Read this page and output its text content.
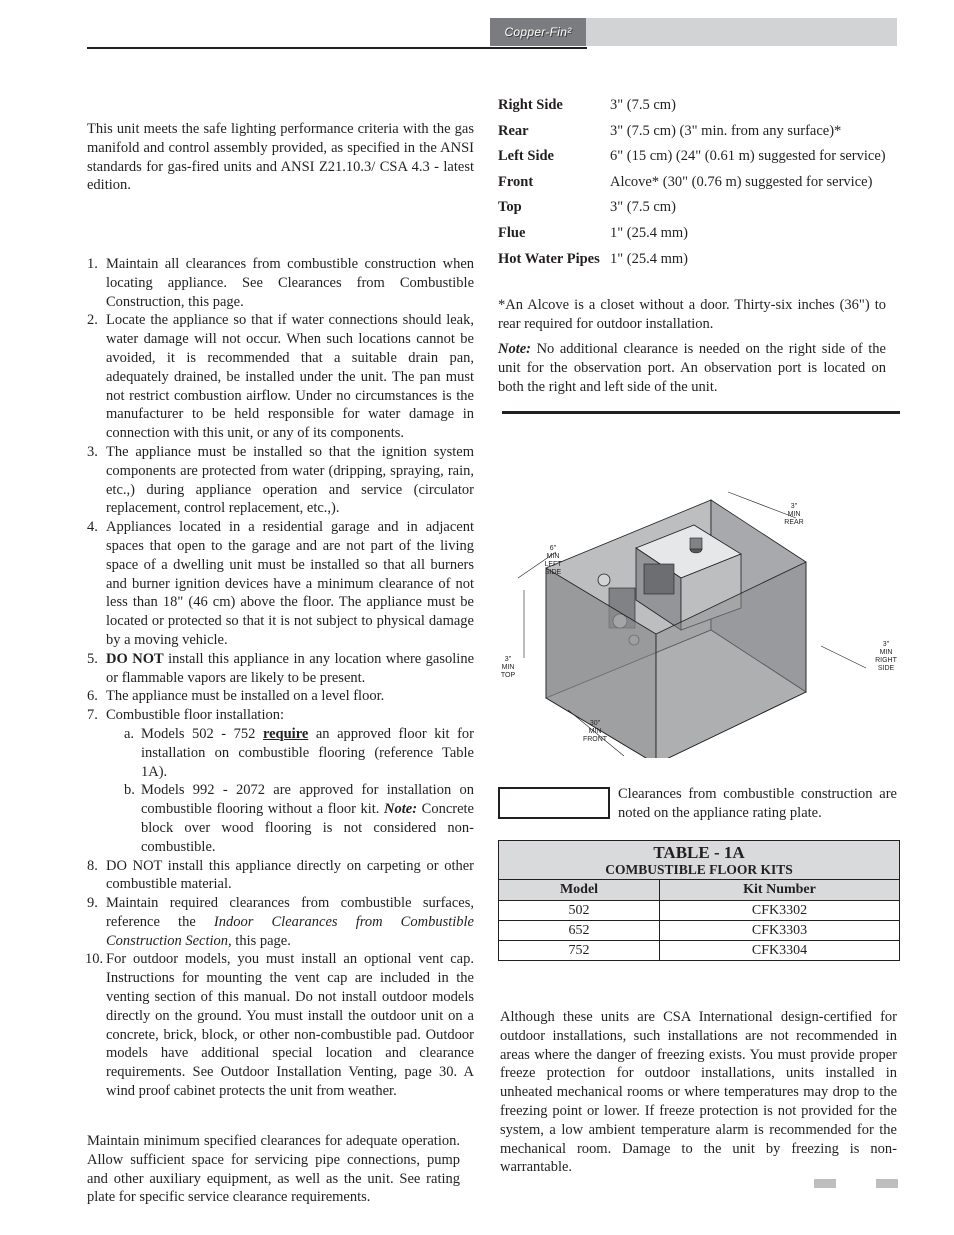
Copper-Fin²
This unit meets the safe lighting performance criteria with the gas manifold and control assembly provided, as specified in the ANSI standards for gas-fired units and ANSI Z21.10.3/ CSA 4.3 - latest edition.
1. Maintain all clearances from combustible construction when locating appliance. See Clearances from Combustible Construction, this page.
2. Locate the appliance so that if water connections should leak, water damage will not occur. When such locations cannot be avoided, it is recommended that a suitable drain pan, adequately drained, be installed under the unit. The pan must not restrict combustion airflow. Under no circumstances is the manufacturer to be held responsible for water damage in connection with this unit, or any of its components.
3. The appliance must be installed so that the ignition system components are protected from water (dripping, spraying, rain, etc.,) during appliance operation and service (circulator replacement, control replacement, etc.,).
4. Appliances located in a residential garage and in adjacent spaces that open to the garage and are not part of the living space of a dwelling unit must be installed so that all burners and burner ignition devices have a minimum clearance of not less than 18" (46 cm) above the floor. The appliance must be located or protected so that it is not subject to physical damage by a moving vehicle.
5. DO NOT install this appliance in any location where gasoline or flammable vapors are likely to be present.
6. The appliance must be installed on a level floor.
7. Combustible floor installation:
a. Models 502 - 752 require an approved floor kit for installation on combustible flooring (reference Table 1A).
b. Models 992 - 2072 are approved for installation on combustible flooring without a floor kit. Note: Concrete block over wood flooring is not considered non-combustible.
8. DO NOT install this appliance directly on carpeting or other combustible material.
9. Maintain required clearances from combustible surfaces, reference the Indoor Clearances from Combustible Construction Section, this page.
10. For outdoor models, you must install an optional vent cap. Instructions for mounting the vent cap are included in the venting section of this manual. Do not install outdoor models directly on the ground. You must install the outdoor unit on a concrete, brick, block, or other non-combustible pad. Outdoor models have additional special location and clearance requirements. See Outdoor Installation Venting, page 30. A wind proof cabinet protects the unit from weather.
Maintain minimum specified clearances for adequate operation. Allow sufficient space for servicing pipe connections, pump and other auxiliary equipment, as well as the unit. See rating plate for specific service clearance requirements.
Right Side	3" (7.5 cm)
Rear	3" (7.5 cm) (3" min. from any surface)*
Left Side	6" (15 cm) (24" (0.61 m) suggested for service)
Front	Alcove* (30" (0.76 m) suggested for service)
Top	3" (7.5 cm)
Flue	1" (25.4 mm)
Hot Water Pipes 1" (25.4 mm)
*An Alcove is a closet without a door. Thirty-six inches (36") to rear required for outdoor installation.
Note: No additional clearance is needed on the right side of the unit for the observation port. An observation port is located on both the right and left side of the unit.
3"
MIN
REAR
6"
MIN
LEFT
SIDE
3"
MIN
TOP
3"
MIN
RIGHT
SIDE
30"
MIN
FRONT
Clearances from combustible construction are noted on the appliance rating plate.
TABLE - 1A	
COMBUSTIBLE FLOOR KITS	
Model	Kit Number
502	CFK3302
652	CFK3303
752	CFK3304
Although these units are CSA International design-certified for outdoor installations, such installations are not recommended in areas where the danger of freezing exists. You must provide proper freeze protection for outdoor installations, units installed in unheated mechanical rooms or where temperatures may drop to the freezing point or lower. If freeze protection is not provided for the system, a low ambient temperature alarm is recommended for the mechanical room. Damage to the unit by freezing is non-warrantable.
